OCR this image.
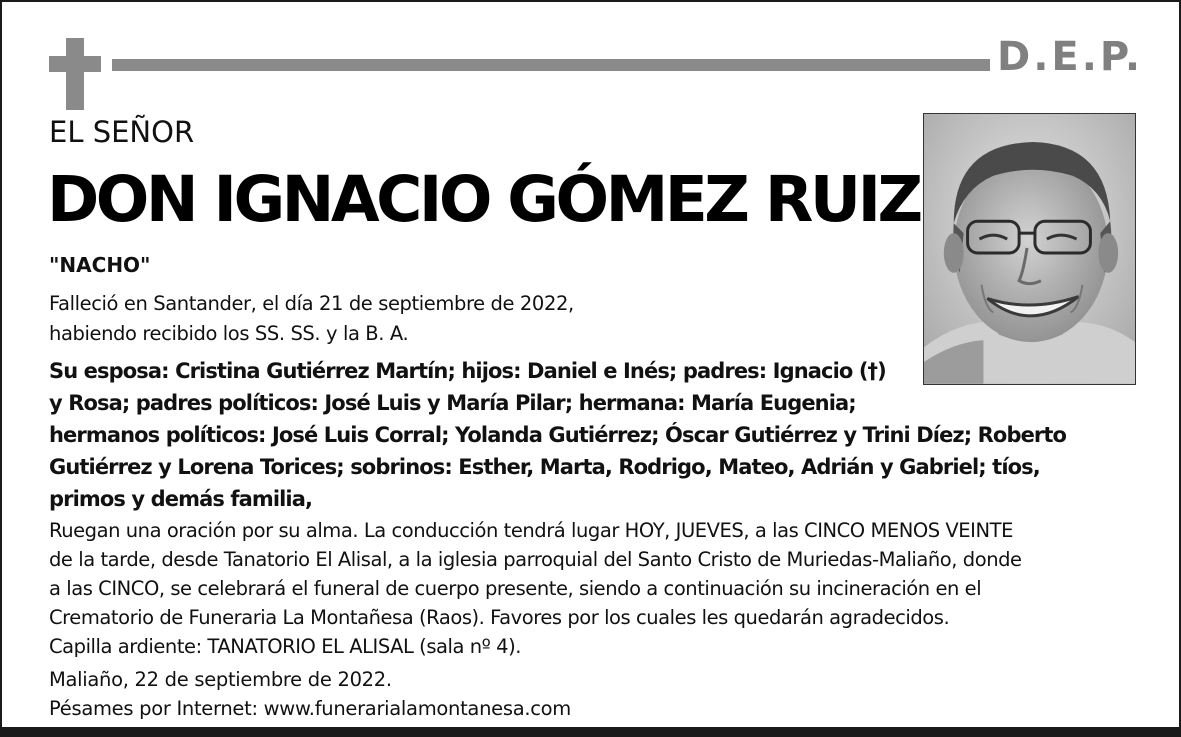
D.E.P.
EL SEÑOR
DON IGNACIO GÓMEZ RUIZ
"NACHO"
Falleció en Santander, el día 21 de septiembre de 2022,
habiendo recibido los SS. SS. y la B. A.
Su esposa: Cristina Gutiérrez Martín; hijos: Daniel e Inés; padres: Ignacio (†)
y Rosa; padres políticos: José Luis y María Pilar; hermana: María Eugenia;
hermanos políticos: José Luis Corral; Yolanda Gutiérrez; Óscar Gutiérrez y Trini Díez; Roberto
Gutiérrez y Lorena Torices; sobrinos: Esther, Marta, Rodrigo, Mateo, Adrián y Gabriel; tíos,
primos y demás familia,
Ruegan una oración por su alma. La conducción tendrá lugar HOY, JUEVES, a las CINCO MENOS VEINTE
de la tarde, desde Tanatorio El Alisal, a la iglesia parroquial del Santo Cristo de Muriedas-Maliaño, donde
a las CINCO, se celebrará el funeral de cuerpo presente, siendo a continuación su incineración en el
Crematorio de Funeraria La Montañesa (Raos). Favores por los cuales les quedarán agradecidos.
Capilla ardiente: TANATORIO EL ALISAL (sala nº 4).
Maliaño, 22 de septiembre de 2022.
Pésames por Internet: www.funerarialamontanesa.com
